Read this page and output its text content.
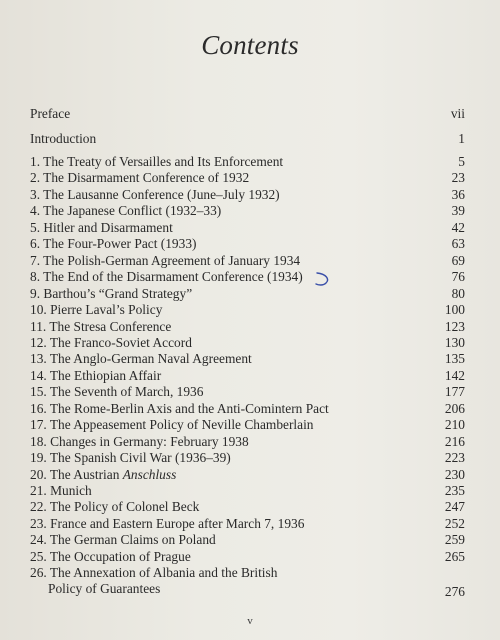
Contents
Preface	vii
Introduction	1
1. The Treaty of Versailles and Its Enforcement	5
2. The Disarmament Conference of 1932	23
3. The Lausanne Conference (June–July 1932)	36
4. The Japanese Conflict (1932–33)	39
5. Hitler and Disarmament	42
6. The Four-Power Pact (1933)	63
7. The Polish-German Agreement of January 1934	69
8. The End of the Disarmament Conference (1934)	76
9. Barthou’s “Grand Strategy”	80
10. Pierre Laval’s Policy	100
11. The Stresa Conference	123
12. The Franco-Soviet Accord	130
13. The Anglo-German Naval Agreement	135
14. The Ethiopian Affair	142
15. The Seventh of March, 1936	177
16. The Rome-Berlin Axis and the Anti-Comintern Pact	206
17. The Appeasement Policy of Neville Chamberlain	210
18. Changes in Germany: February 1938	216
19. The Spanish Civil War (1936–39)	223
20. The Austrian Anschluss	230
21. Munich	235
22. The Policy of Colonel Beck	247
23. France and Eastern Europe after March 7, 1936	252
24. The German Claims on Poland	259
25. The Occupation of Prague	265
26. The Annexation of Albania and the British
Policy of Guarantees	276
v
